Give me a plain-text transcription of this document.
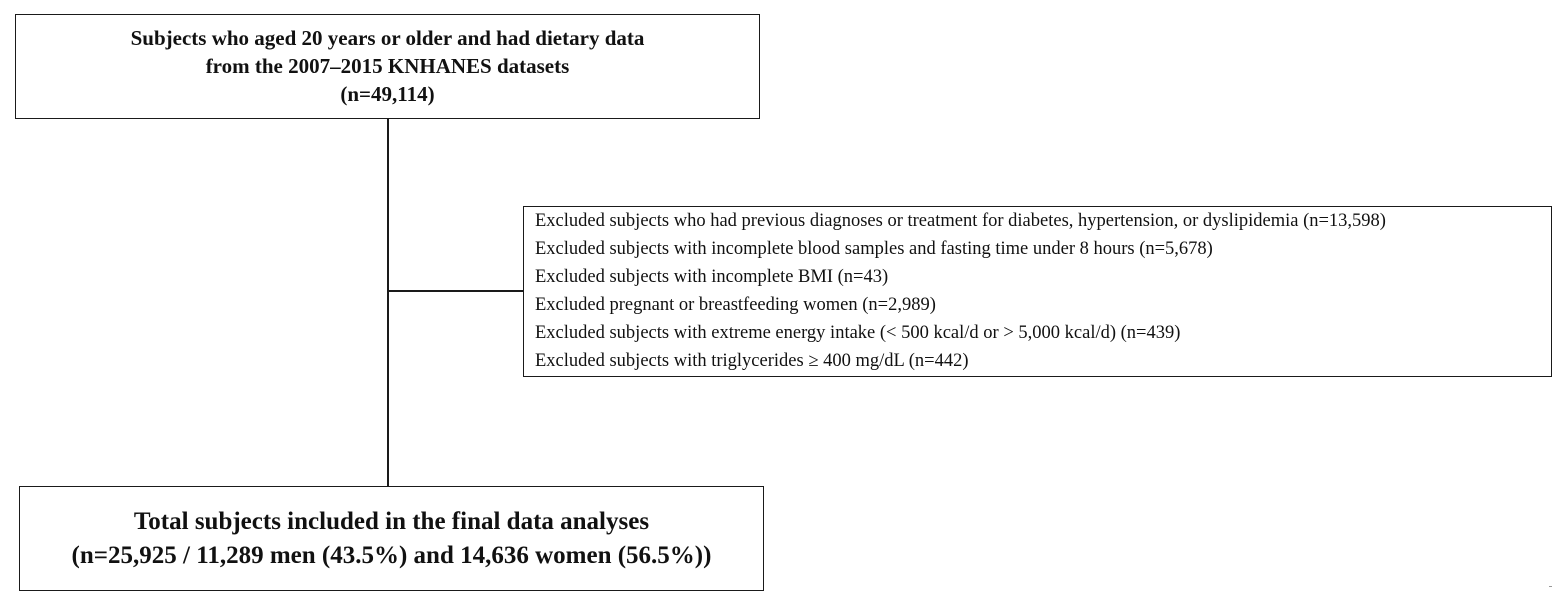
Subjects who aged 20 years or older and had dietary data
from the 2007–2015 KNHANES datasets
(n=49,114)
Excluded subjects who had previous diagnoses or treatment for diabetes, hypertension, or dyslipidemia (n=13,598)
Excluded subjects with incomplete blood samples and fasting time under 8 hours (n=5,678)
Excluded subjects with incomplete BMI (n=43)
Excluded pregnant or breastfeeding women (n=2,989)
Excluded subjects with extreme energy intake (< 500 kcal/d or > 5,000 kcal/d) (n=439)
Excluded subjects with triglycerides ≥ 400 mg/dL (n=442)
Total subjects included in the final data analyses
(n=25,925 / 11,289 men (43.5%) and 14,636 women (56.5%))
